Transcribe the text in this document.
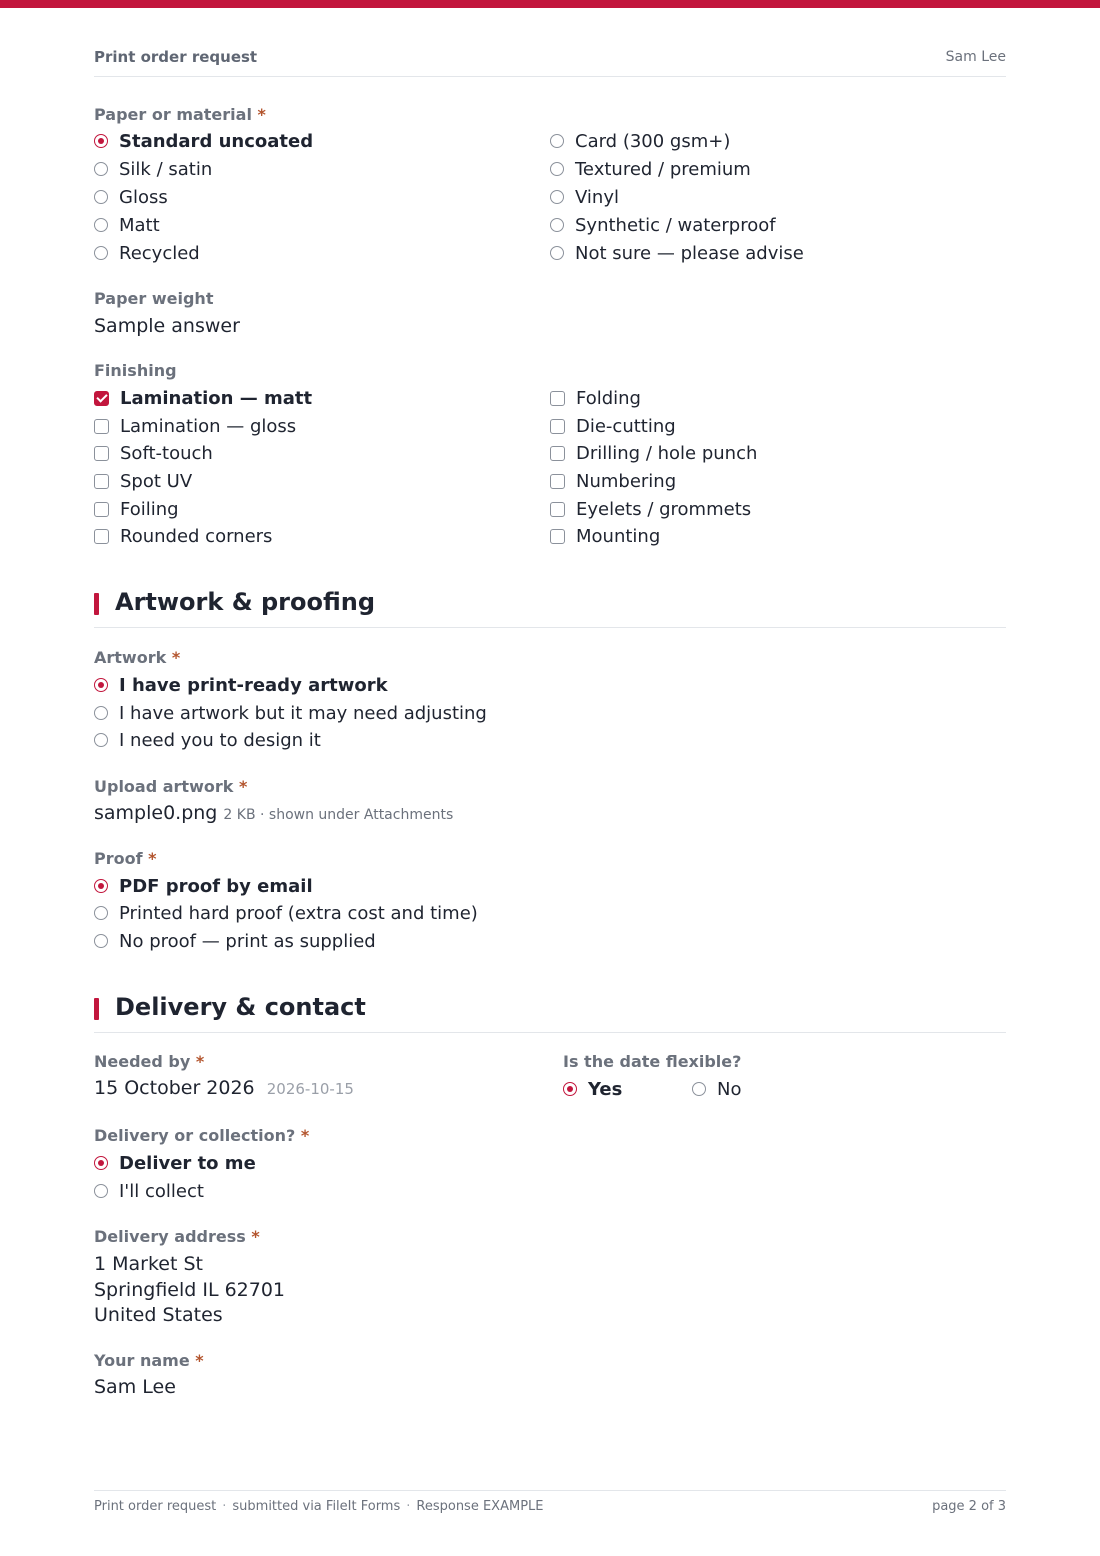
Print order request	Sam Lee
Paper or material *
Standard uncoated
Silk / satin
Gloss
Matt
Recycled
Card (300 gsm+)
Textured / premium
Vinyl
Synthetic / waterproof
Not sure — please advise
Paper weight
Sample answer
Finishing
Lamination — matt
Lamination — gloss
Soft-touch
Spot UV
Foiling
Rounded corners
Folding
Die-cutting
Drilling / hole punch
Numbering
Eyelets / grommets
Mounting
Artwork & proofing
Artwork *
I have print-ready artwork
I have artwork but it may need adjusting
I need you to design it
Upload artwork *
sample0.png 2 KB · shown under Attachments
Proof *
PDF proof by email
Printed hard proof (extra cost and time)
No proof — print as supplied
Delivery & contact
Needed by *
15 October 2026 2026-10-15
Is the date flexible?
Yes	No
Delivery or collection? *
Deliver to me
I'll collect
Delivery address *
1 Market St
Springfield IL 62701
United States
Your name *
Sam Lee
Print order request · submitted via FileIt Forms · Response EXAMPLE	page 2 of 3
